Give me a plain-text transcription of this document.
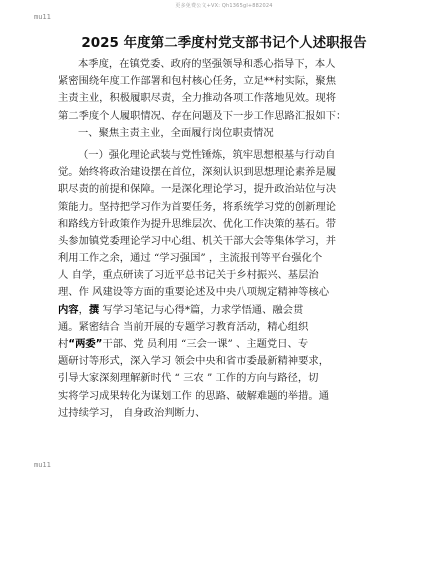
更多免费公文+VX: Qh1365gl+882024
mu11
2025 年度第二季度村党支部书记个人述职报告
本季度，在镇党委、政府的坚强领导和悉心指导下，本人
紧密围绕年度工作部署和包村核心任务，立足**村实际，聚焦
主责主业，积极履职尽责，全力推动各项工作落地见效。现将
第二季度个人履职情况、存在问题及下一步工作思路汇报如下：
一、聚焦主责主业，全面履行岗位职责情况
（一）强化理论武装与党性锤炼，筑牢思想根基与行动自
觉。始终将政治建设摆在首位，深刻认识到思想理论素养是履
职尽责的前提和保障。一是深化理论学习，提升政治站位与决
策能力。坚持把学习作为首要任务，将系统学习党的创新理论
和路线方针政策作为提升思维层次、优化工作决策的基石。带
头参加镇党委理论学习中心组、机关干部大会等集体学习，并
利用工作之余，通过 “学习强国” ，主流报刊等平台强化个
人 自学，重点研读了习近平总书记关于乡村振兴、基层治
理、作 风建设等方面的重要论述及中央八项规定精神等核心
内容，撰 写学习笔记与心得*篇，力求学悟通、融会贯
通。紧密结合 当前开展的专题学习教育活动，精心组织
村“两委”干部、党 员利用 “三会一课” 、主题党日、专
题研讨等形式，深入学习 领会中央和省市委最新精神要求，
引导大家深刻理解新时代 “ 三农 ” 工作的方向与路径，切
实将学习成果转化为谋划工作 的思路、破解难题的举措。通
过持续学习， 自身政治判断力、
mu11
